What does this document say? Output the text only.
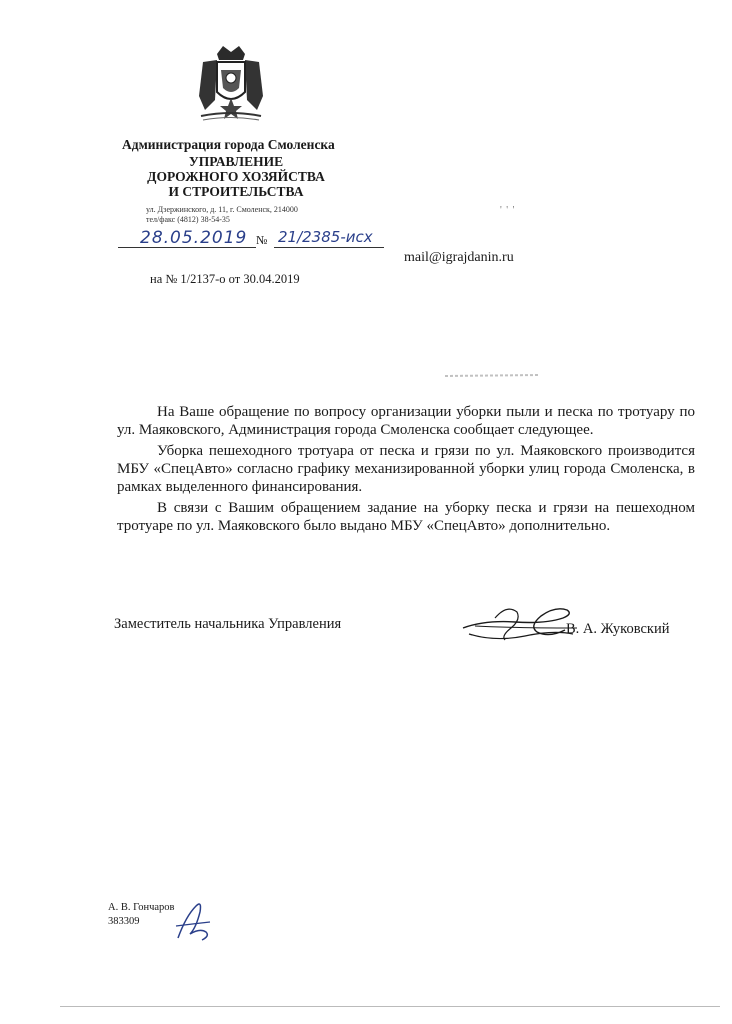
Администрация города Смоленска
УПРАВЛЕНИЕ
ДОРОЖНОГО ХОЗЯЙСТВА
И СТРОИТЕЛЬСТВА
ул. Дзержинского, д. 11, г. Смоленск, 214000
тел/факс (4812) 38-54-35
' ' '
28.05.2019 № 21/2385-исх
mail@igrajdanin.ru
на № 1/2137-о от 30.04.2019

На Ваше обращение по вопросу организации уборки пыли и песка по тротуару по ул. Маяковского, Администрация города Смоленска сообщает следующее.

Уборка пешеходного тротуара от песка и грязи по ул. Маяковского производится МБУ «СпецАвто» согласно графику механизированной уборки улиц города Смоленска, в рамках выделенного финансирования.

В связи с Вашим обращением задание на уборку песка и грязи на пешеходном тротуаре по ул. Маяковского было выдано МБУ «СпецАвто» дополнительно.

Заместитель начальника Управления	В. А. Жуковский
А. В. Гончаров
383309
